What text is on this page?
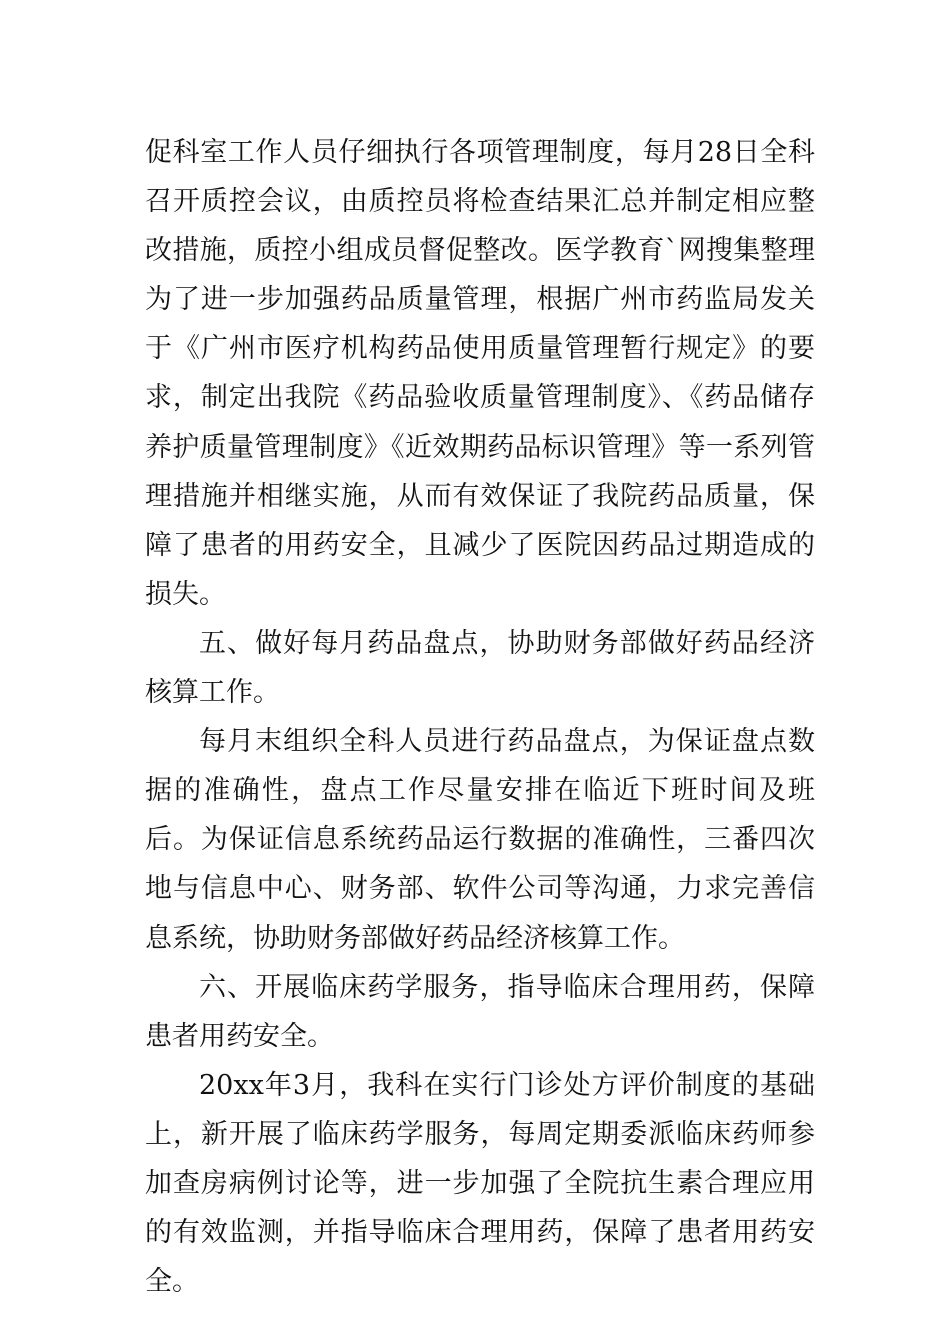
促科室工作人员仔细执行各项管理制度，每月28日全科召开质控会议，由质控员将检查结果汇总并制定相应整改措施，质控小组成员督促整改。医学教育`网搜集整理为了进一步加强药品质量管理，根据广州市药监局发关于《广州市医疗机构药品使用质量管理暂行规定》的要求，制定出我院《药品验收质量管理制度》、《药品储存养护质量管理制度》《近效期药品标识管理》等一系列管理措施并相继实施，从而有效保证了我院药品质量，保障了患者的用药安全，且减少了医院因药品过期造成的损失。

五、做好每月药品盘点，协助财务部做好药品经济核算工作。

每月末组织全科人员进行药品盘点，为保证盘点数据的准确性，盘点工作尽量安排在临近下班时间及班后。为保证信息系统药品运行数据的准确性，三番四次地与信息中心、财务部、软件公司等沟通，力求完善信息系统，协助财务部做好药品经济核算工作。

六、开展临床药学服务，指导临床合理用药，保障患者用药安全。

20xx年3月，我科在实行门诊处方评价制度的基础上，新开展了临床药学服务，每周定期委派临床药师参加查房病例讨论等，进一步加强了全院抗生素合理应用的有效监测，并指导临床合理用药，保障了患者用药安全。
